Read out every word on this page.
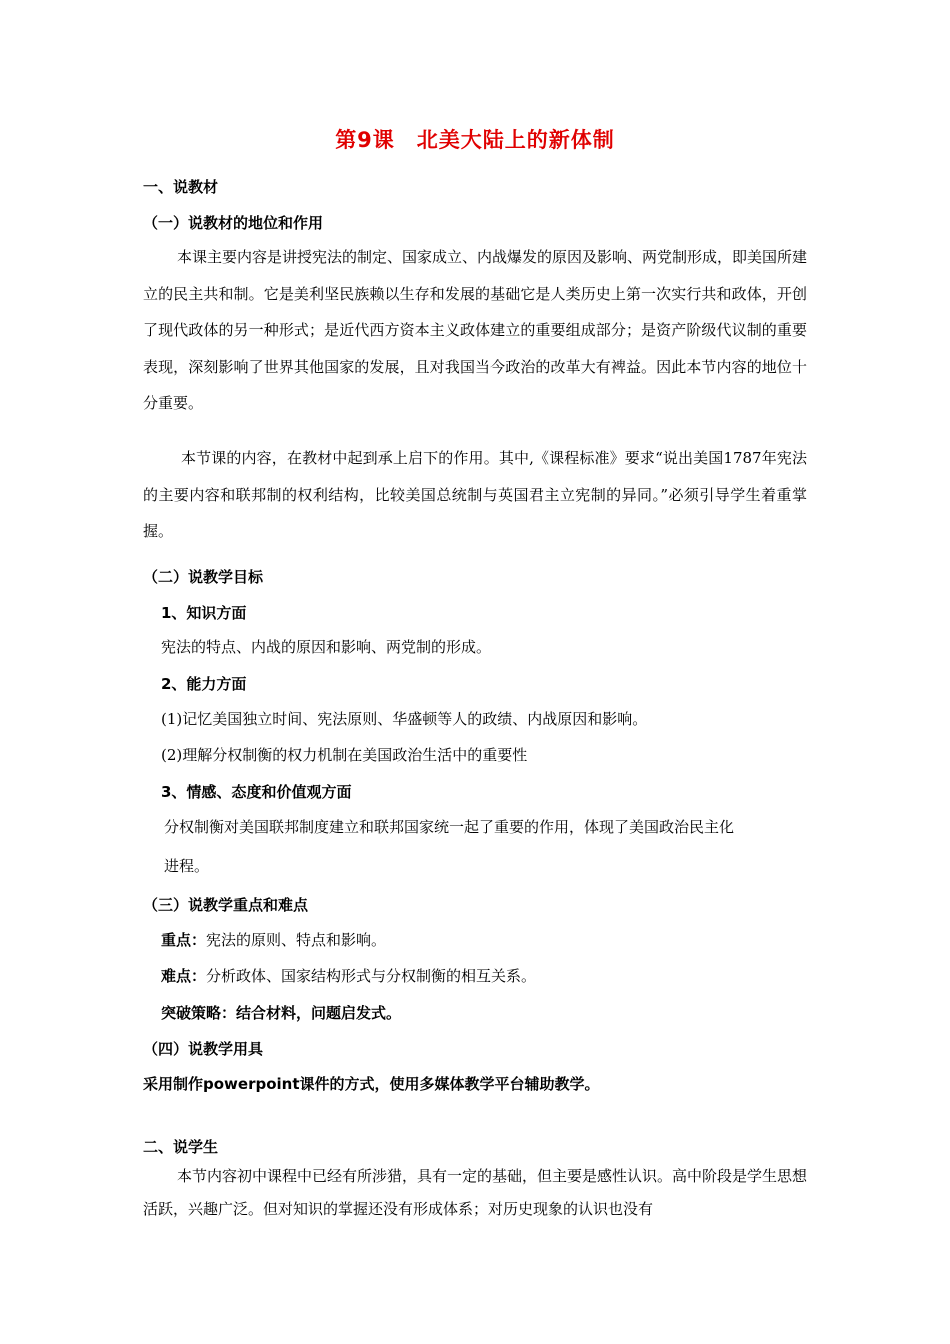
第9课　北美大陆上的新体制
一、说教材
（一）说教材的地位和作用

本课主要内容是讲授宪法的制定、国家成立、内战爆发的原因及影响、两党制形成，即美国所建立的民主共和制。它是美利坚民族赖以生存和发展的基础它是人类历史上第一次实行共和政体，开创了现代政体的另一种形式；是近代西方资本主义政体建立的重要组成部分；是资产阶级代议制的重要表现，深刻影响了世界其他国家的发展，且对我国当今政治的改革大有裨益。因此本节内容的地位十分重要。

本节课的内容，在教材中起到承上启下的作用。其中,《课程标准》要求“说出美国1787年宪法的主要内容和联邦制的权利结构，比较美国总统制与英国君主立宪制的异同。”必须引导学生着重掌握。

（二）说教学目标
1、知识方面
宪法的特点、内战的原因和影响、两党制的形成。
2、能力方面
(1)记忆美国独立时间、宪法原则、华盛顿等人的政绩、内战原因和影响。
(2)理解分权制衡的权力机制在美国政治生活中的重要性
3、情感、态度和价值观方面
分权制衡对美国联邦制度建立和联邦国家统一起了重要的作用，体现了美国政治民主化
进程。
（三）说教学重点和难点
重点：宪法的原则、特点和影响。
难点：分析政体、国家结构形式与分权制衡的相互关系。
突破策略：结合材料，问题启发式。
（四）说教学用具
采用制作powerpoint课件的方式，使用多媒体教学平台辅助教学。
二、说学生

本节内容初中课程中已经有所涉猎，具有一定的基础，但主要是感性认识。高中阶段是学生思想活跃，兴趣广泛。但对知识的掌握还没有形成体系；对历史现象的认识也没有
